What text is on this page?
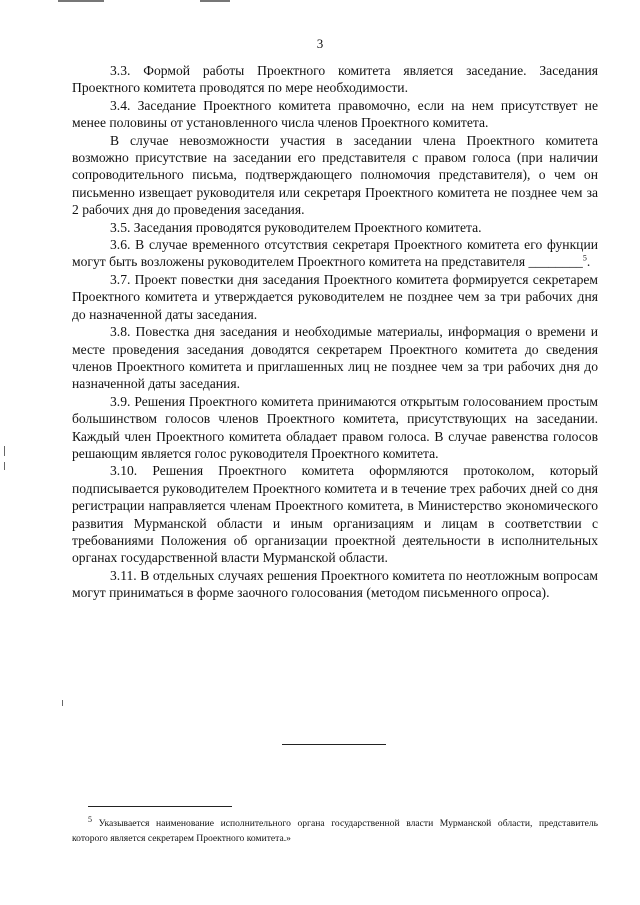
3

3.3. Формой работы Проектного комитета является заседание. Заседания Проектного комитета проводятся по мере необходимости.

3.4. Заседание Проектного комитета правомочно, если на нем присутствует не менее половины от установленного числа членов Проектного комитета.

В случае невозможности участия в заседании члена Проектного комитета возможно присутствие на заседании его представителя с правом голоса (при наличии сопроводительного письма, подтверждающего полномочия представителя), о чем он письменно извещает руководителя или секретаря Проектного комитета не позднее чем за 2 рабочих дня до проведения заседания.

3.5. Заседания проводятся руководителем Проектного комитета.

3.6. В случае временного отсутствия секретаря Проектного комитета его функции могут быть возложены руководителем Проектного комитета на представителя ________$^5$.

3.7. Проект повестки дня заседания Проектного комитета формируется секретарем Проектного комитета и утверждается руководителем не позднее чем за три рабочих дня до назначенной даты заседания.

3.8. Повестка дня заседания и необходимые материалы, информация о времени и месте проведения заседания доводятся секретарем Проектного комитета до сведения членов Проектного комитета и приглашенных лиц не позднее чем за три рабочих дня до назначенной даты заседания.

3.9. Решения Проектного комитета принимаются открытым голосованием простым большинством голосов членов Проектного комитета, присутствующих на заседании. Каждый член Проектного комитета обладает правом голоса. В случае равенства голосов решающим является голос руководителя Проектного комитета.

3.10. Решения Проектного комитета оформляются протоколом, который подписывается руководителем Проектного комитета и в течение трех рабочих дней со дня регистрации направляется членам Проектного комитета, в Министерство экономического развития Мурманской области и иным организациям и лицам в соответствии с требованиями Положения об организации проектной деятельности в исполнительных органах государственной власти Мурманской области.

3.11. В отдельных случаях решения Проектного комитета по неотложным вопросам могут приниматься в форме заочного голосования (методом письменного опроса).

$^5$ Указывается наименование исполнительного органа государственной власти Мурманской области, представитель которого является секретарем Проектного комитета.»
